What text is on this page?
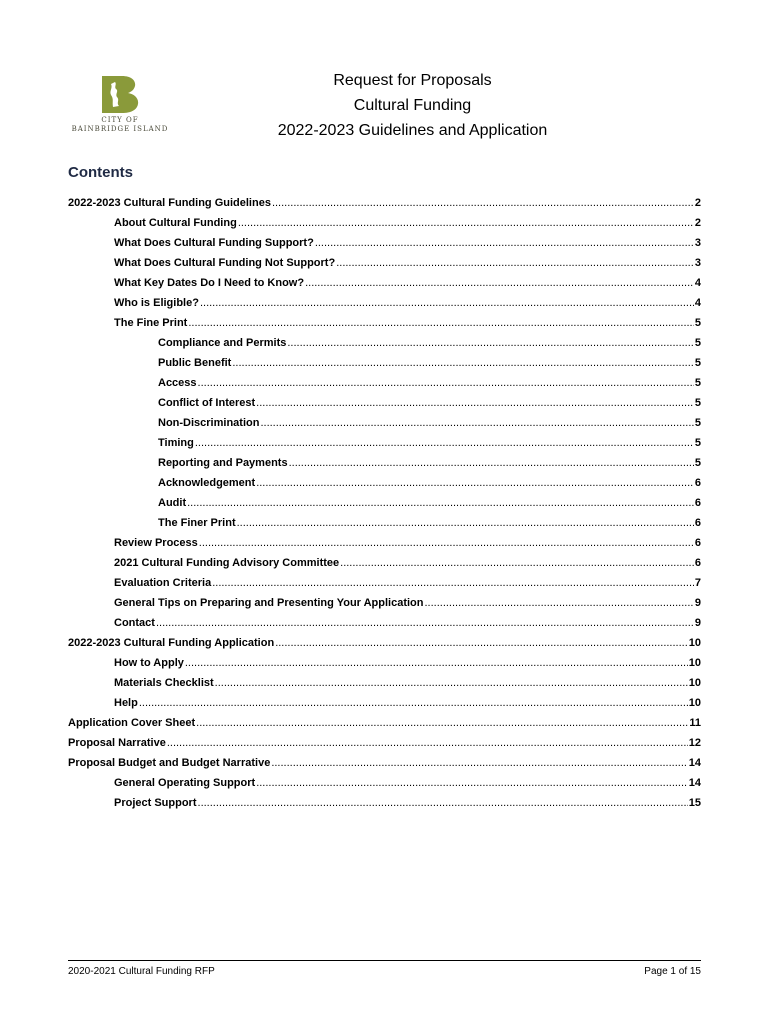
CITY OF
BAINBRIDGE ISLAND
Request for Proposals
Cultural Funding
2022-2023 Guidelines and Application
Contents
2022-2023 Cultural Funding Guidelines .....	2
About Cultural Funding .....	2
What Does Cultural Funding Support? .....	3
What Does Cultural Funding Not Support? .....	3
What Key Dates Do I Need to Know? .....	4
Who is Eligible? .....	4
The Fine Print .....	5
Compliance and Permits .....	5
Public Benefit .....	5
Access .....	5
Conflict of Interest .....	5
Non-Discrimination .....	5
Timing .....	5
Reporting and Payments .....	5
Acknowledgement .....	6
Audit .....	6
The Finer Print .....	6
Review Process .....	6
2021 Cultural Funding Advisory Committee .....	6
Evaluation Criteria .....	7
General Tips on Preparing and Presenting Your Application .....	9
Contact .....	9
2022-2023 Cultural Funding Application .....	10
How to Apply .....	10
Materials Checklist .....	10
Help .....	10
Application Cover Sheet .....	11
Proposal Narrative .....	12
Proposal Budget and Budget Narrative .....	14
General Operating Support .....	14
Project Support .....	15
2020-2021 Cultural Funding RFP	Page 1 of 15
